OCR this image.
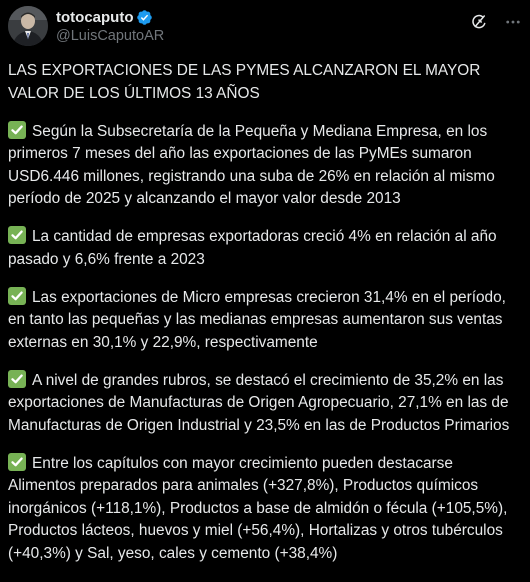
totocaputo
@LuisCaputoAR

LAS EXPORTACIONES DE LAS PYMES ALCANZARON EL MAYOR VALOR DE LOS ÚLTIMOS 13 AÑOS

Según la Subsecretaría de la Pequeña y Mediana Empresa, en los primeros 7 meses del año las exportaciones de las PyMEs sumaron USD6.446 millones, registrando una suba de 26% en relación al mismo período de 2025 y alcanzando el mayor valor desde 2013

La cantidad de empresas exportadoras creció 4% en relación al año pasado y 6,6% frente a 2023

Las exportaciones de Micro empresas crecieron 31,4% en el período, en tanto las pequeñas y las medianas empresas aumentaron sus ventas externas en 30,1% y 22,9%, respectivamente

A nivel de grandes rubros, se destacó el crecimiento de 35,2% en las exportaciones de Manufacturas de Origen Agropecuario, 27,1% en las de Manufacturas de Origen Industrial y 23,5% en las de Productos Primarios

Entre los capítulos con mayor crecimiento pueden destacarse Alimentos preparados para animales (+327,8%), Productos químicos inorgánicos (+118,1%), Productos a base de almidón o fécula (+105,5%), Productos lácteos, huevos y miel (+56,4%), Hortalizas y otros tubérculos (+40,3%) y Sal, yeso, cales y cemento (+38,4%)
